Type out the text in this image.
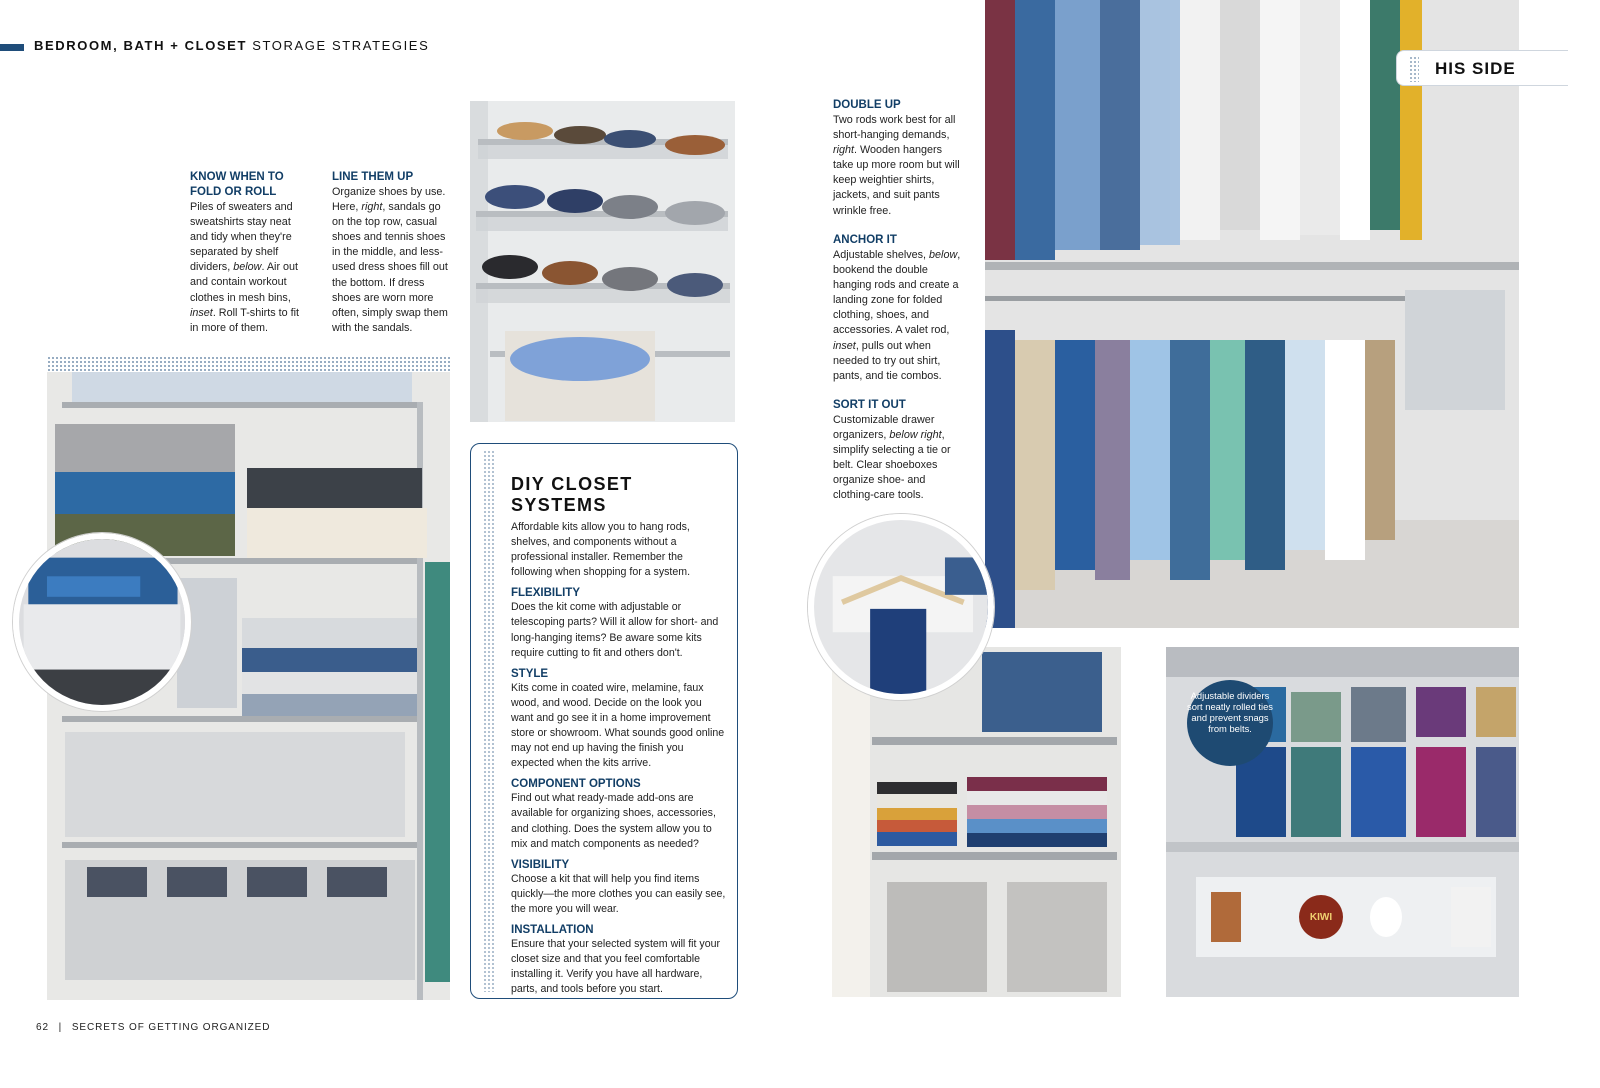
BEDROOM, BATH + CLOSET STORAGE STRATEGIES
KNOW WHEN TO FOLD OR ROLL

Piles of sweaters and sweatshirts stay neat and tidy when they're separated by shelf dividers, below. Air out and contain workout clothes in mesh bins, inset. Roll T-shirts to fit in more of them.

LINE THEM UP

Organize shoes by use. Here, right, sandals go on the top row, casual shoes and tennis shoes in the middle, and less-used dress shoes fill out the bottom. If dress shoes are worn more often, simply swap them with the sandals.

DIY CLOSET SYSTEMS

Affordable kits allow you to hang rods, shelves, and components without a professional installer. Remember the following when shopping for a system.

FLEXIBILITY

Does the kit come with adjustable or telescoping parts? Will it allow for short- and long-hanging items? Be aware some kits require cutting to fit and others don't.

STYLE

Kits come in coated wire, melamine, faux wood, and wood. Decide on the look you want and go see it in a home improvement store or showroom. What sounds good online may not end up having the finish you expected when the kits arrive.

COMPONENT OPTIONS

Find out what ready-made add-ons are available for organizing shoes, accessories, and clothing. Does the system allow you to mix and match components as needed?

VISIBILITY

Choose a kit that will help you find items quickly—the more clothes you can easily see, the more you will wear.

INSTALLATION

Ensure that your selected system will fit your closet size and that you feel comfortable installing it. Verify you have all hardware, parts, and tools before you start.

DOUBLE UP

Two rods work best for all short-hanging demands, right. Wooden hangers take up more room but will keep weightier shirts, jackets, and suit pants wrinkle free.

ANCHOR IT

Adjustable shelves, below, bookend the double hanging rods and create a landing zone for folded clothing, shoes, and accessories. A valet rod, inset, pulls out when needed to try out shirt, pants, and tie combos.

SORT IT OUT

Customizable drawer organizers, below right, simplify selecting a tie or belt. Clear shoeboxes organize shoe- and clothing-care tools.

HIS SIDE
KIWI
Adjustable dividers sort neatly rolled ties and prevent snags from belts.
62 | SECRETS OF GETTING ORGANIZED
